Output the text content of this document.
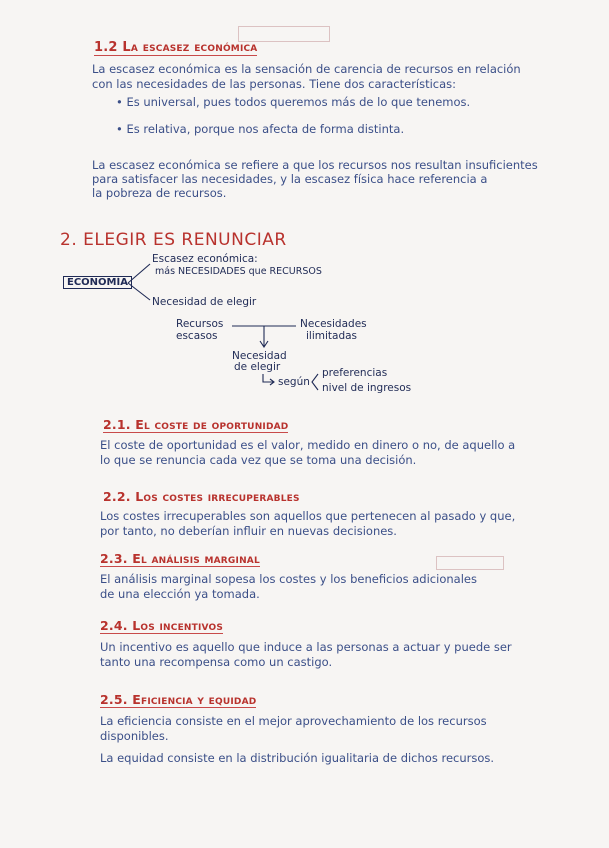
1.2 La escasez económica
La escasez económica es la sensación de carencia de recursos en relación
con las necesidades de las personas. Tiene dos características:
• Es universal, pues todos queremos más de lo que tenemos.
• Es relativa, porque nos afecta de forma distinta.
La escasez económica se refiere a que los recursos nos resultan insuficientes
para satisfacer las necesidades, y la escasez física hace referencia a
la pobreza de recursos.
2. ELEGIR ES RENUNCIAR
ECONOMÍA
Escasez económica:
más NECESIDADES que RECURSOS
Necesidad de elegir
Recursos
escasos
Necesidades
ilimitadas
Necesidad
de elegir
según
preferencias
nivel de ingresos
2.1. El coste de oportunidad
El coste de oportunidad es el valor, medido en dinero o no, de aquello a
lo que se renuncia cada vez que se toma una decisión.
2.2. Los costes irrecuperables
Los costes irrecuperables son aquellos que pertenecen al pasado y que,
por tanto, no deberían influir en nuevas decisiones.
2.3. El análisis marginal
El análisis marginal sopesa los costes y los beneficios adicionales
de una elección ya tomada.
2.4. Los incentivos
Un incentivo es aquello que induce a las personas a actuar y puede ser
tanto una recompensa como un castigo.
2.5. Eficiencia y equidad
La eficiencia consiste en el mejor aprovechamiento de los recursos
disponibles.
La equidad consiste en la distribución igualitaria de dichos recursos.
